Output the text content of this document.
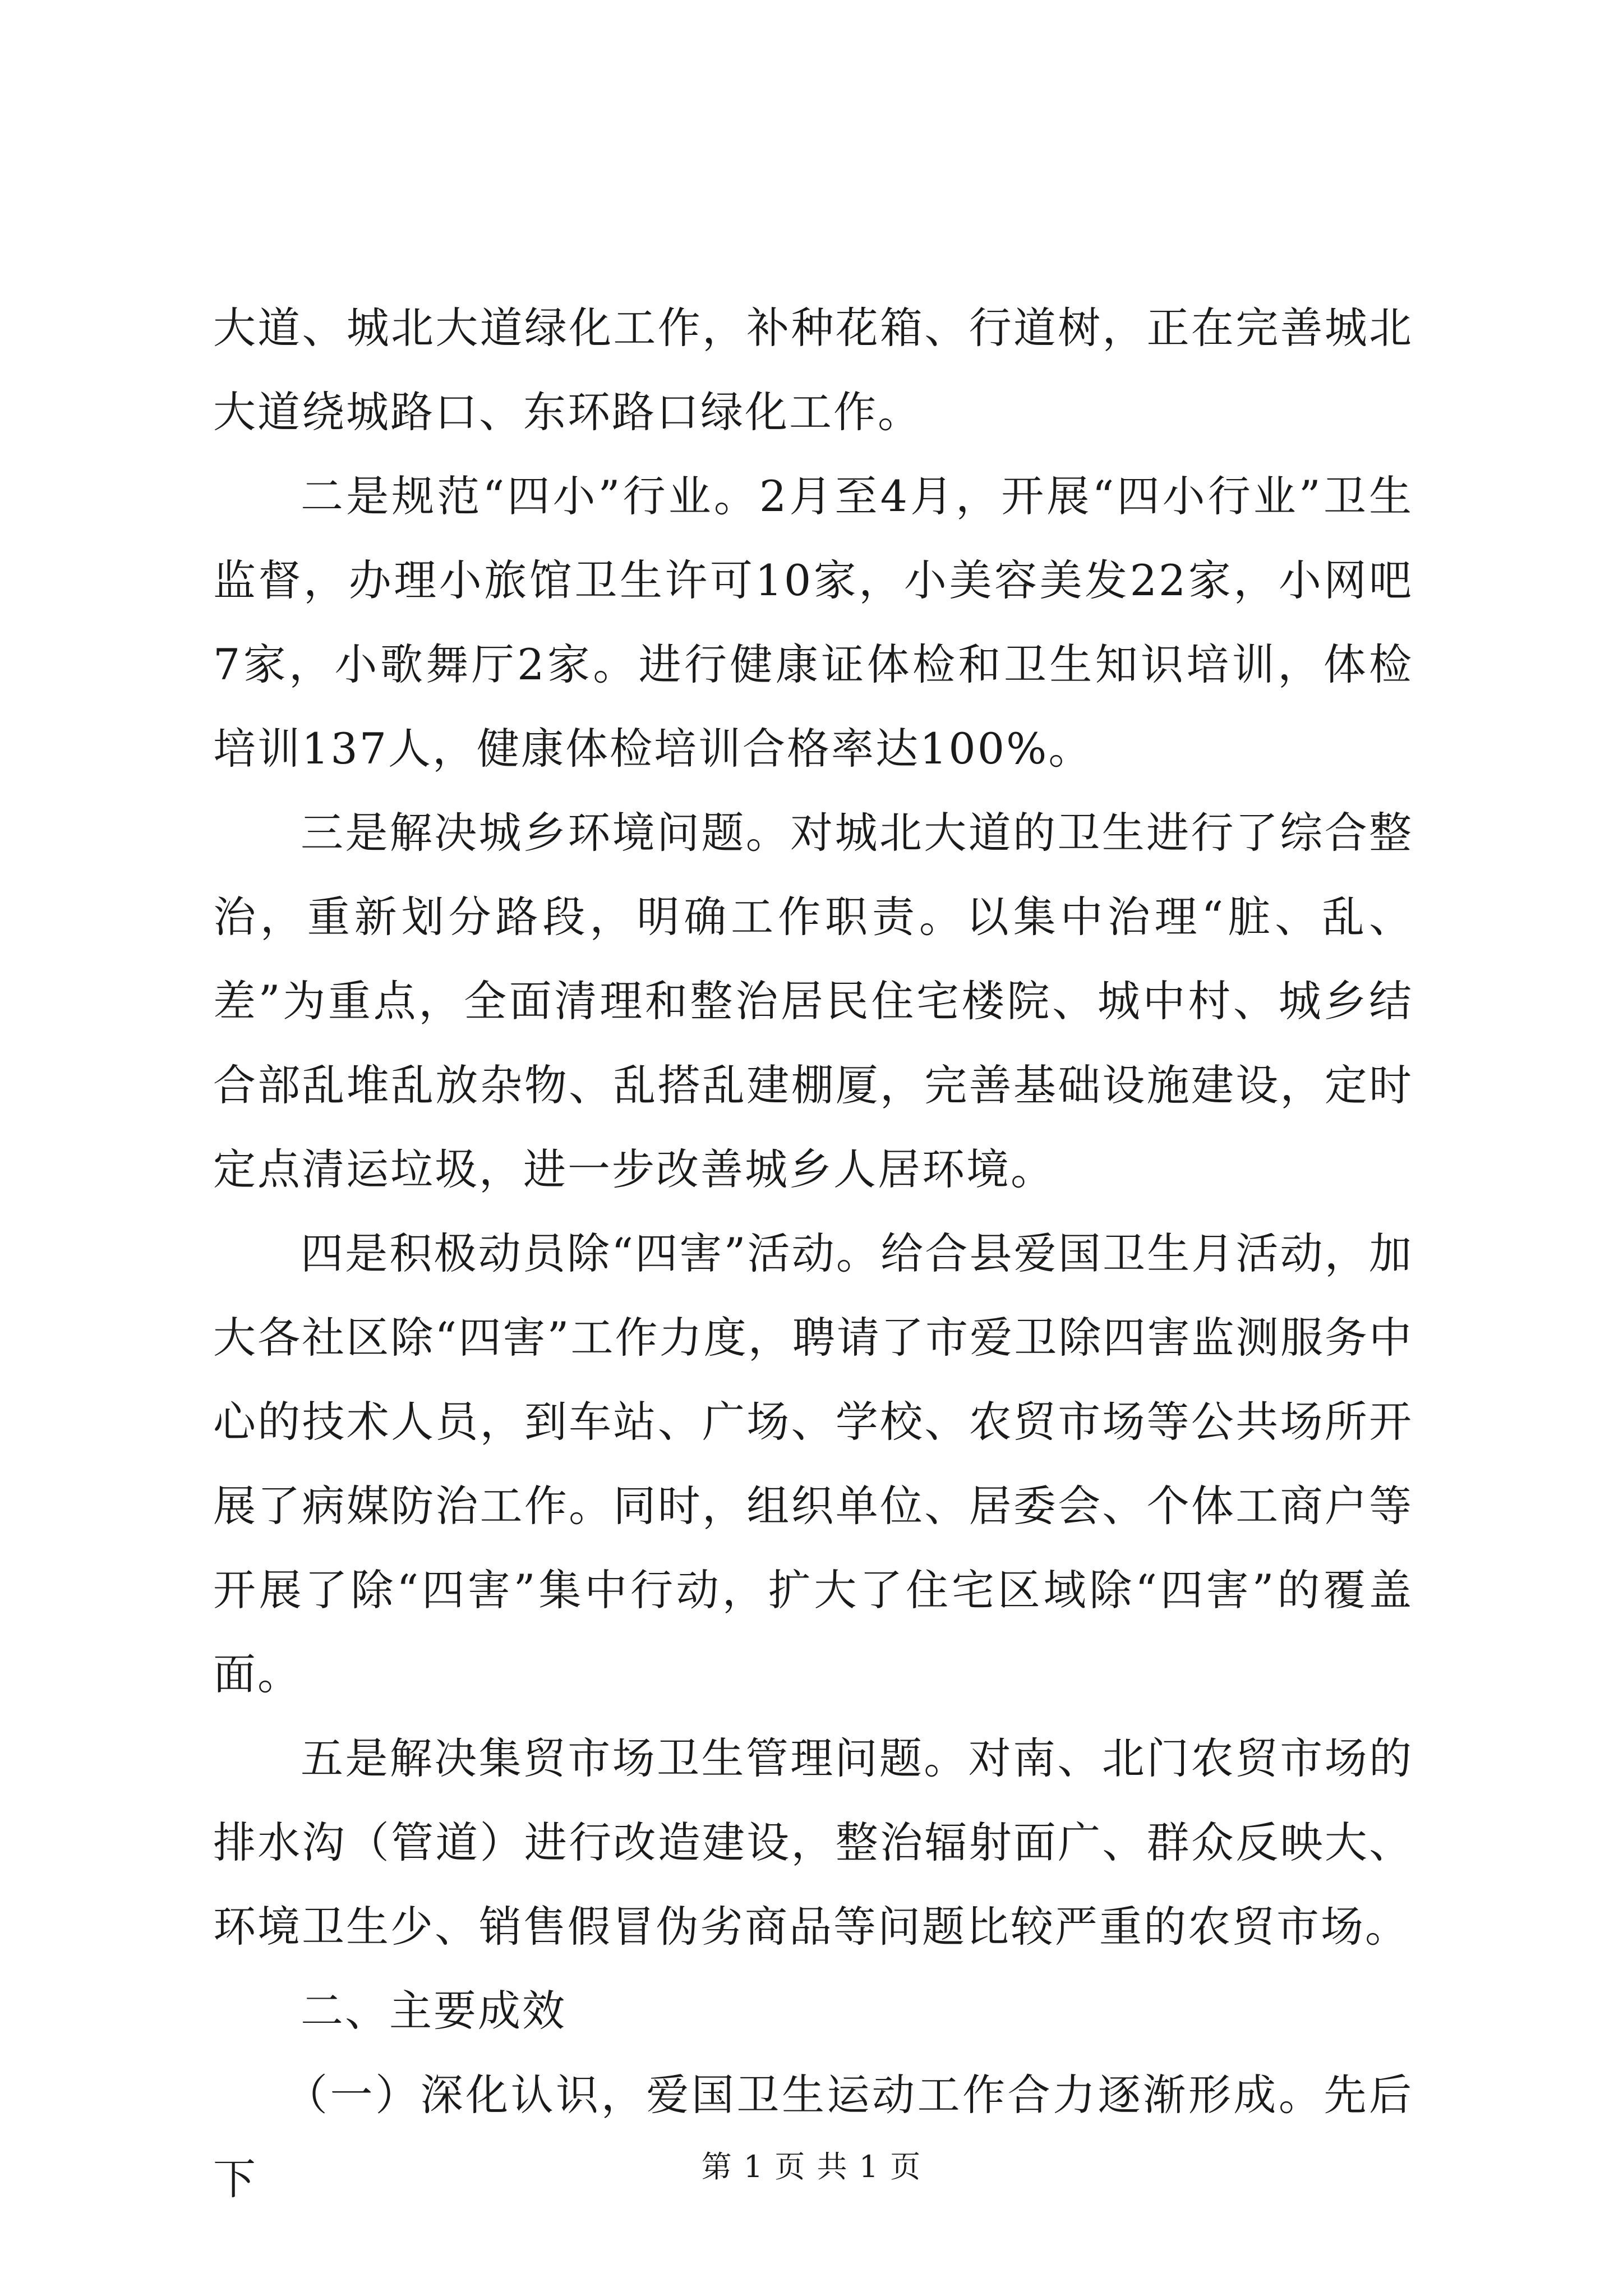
大道、城北大道绿化工作，补种花箱、行道树，正在完善城北大道绕城路口、东环路口绿化工作。

二是规范“四小”行业。2月至4月，开展“四小行业”卫生监督，办理小旅馆卫生许可10家，小美容美发22家，小网吧7家，小歌舞厅2家。进行健康证体检和卫生知识培训，体检培训137人，健康体检培训合格率达100%。

三是解决城乡环境问题。对城北大道的卫生进行了综合整治，重新划分路段，明确工作职责。以集中治理“脏、乱、差”为重点，全面清理和整治居民住宅楼院、城中村、城乡结合部乱堆乱放杂物、乱搭乱建棚厦，完善基础设施建设，定时定点清运垃圾，进一步改善城乡人居环境。

四是积极动员除“四害”活动。给合县爱国卫生月活动，加大各社区除“四害”工作力度，聘请了市爱卫除四害监测服务中心的技术人员，到车站、广场、学校、农贸市场等公共场所开展了病媒防治工作。同时，组织单位、居委会、个体工商户等开展了除“四害”集中行动，扩大了住宅区域除“四害”的覆盖面。

五是解决集贸市场卫生管理问题。对南、北门农贸市场的排水沟（管道）进行改造建设，整治辐射面广、群众反映大、环境卫生少、销售假冒伪劣商品等问题比较严重的农贸市场。

二、主要成效

（一）深化认识，爱国卫生运动工作合力逐渐形成。先后下	第 1 页 共 1 页
